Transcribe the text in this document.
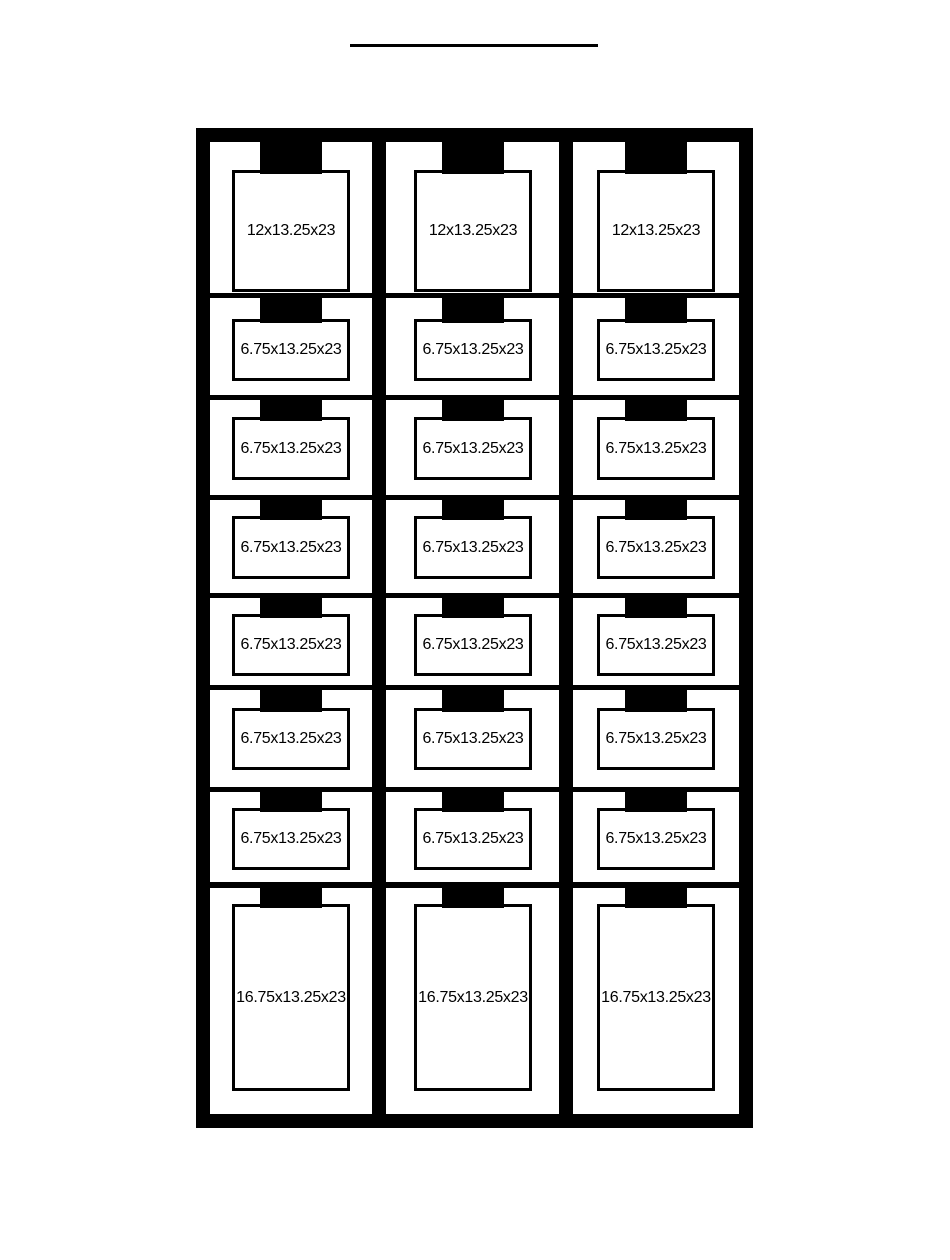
12x13.25x23	12x13.25x23	12x13.25x23
6.75x13.25x23	6.75x13.25x23	6.75x13.25x23
6.75x13.25x23	6.75x13.25x23	6.75x13.25x23
6.75x13.25x23	6.75x13.25x23	6.75x13.25x23
6.75x13.25x23	6.75x13.25x23	6.75x13.25x23
6.75x13.25x23	6.75x13.25x23	6.75x13.25x23
6.75x13.25x23	6.75x13.25x23	6.75x13.25x23
16.75x13.25x23	16.75x13.25x23	16.75x13.25x23
